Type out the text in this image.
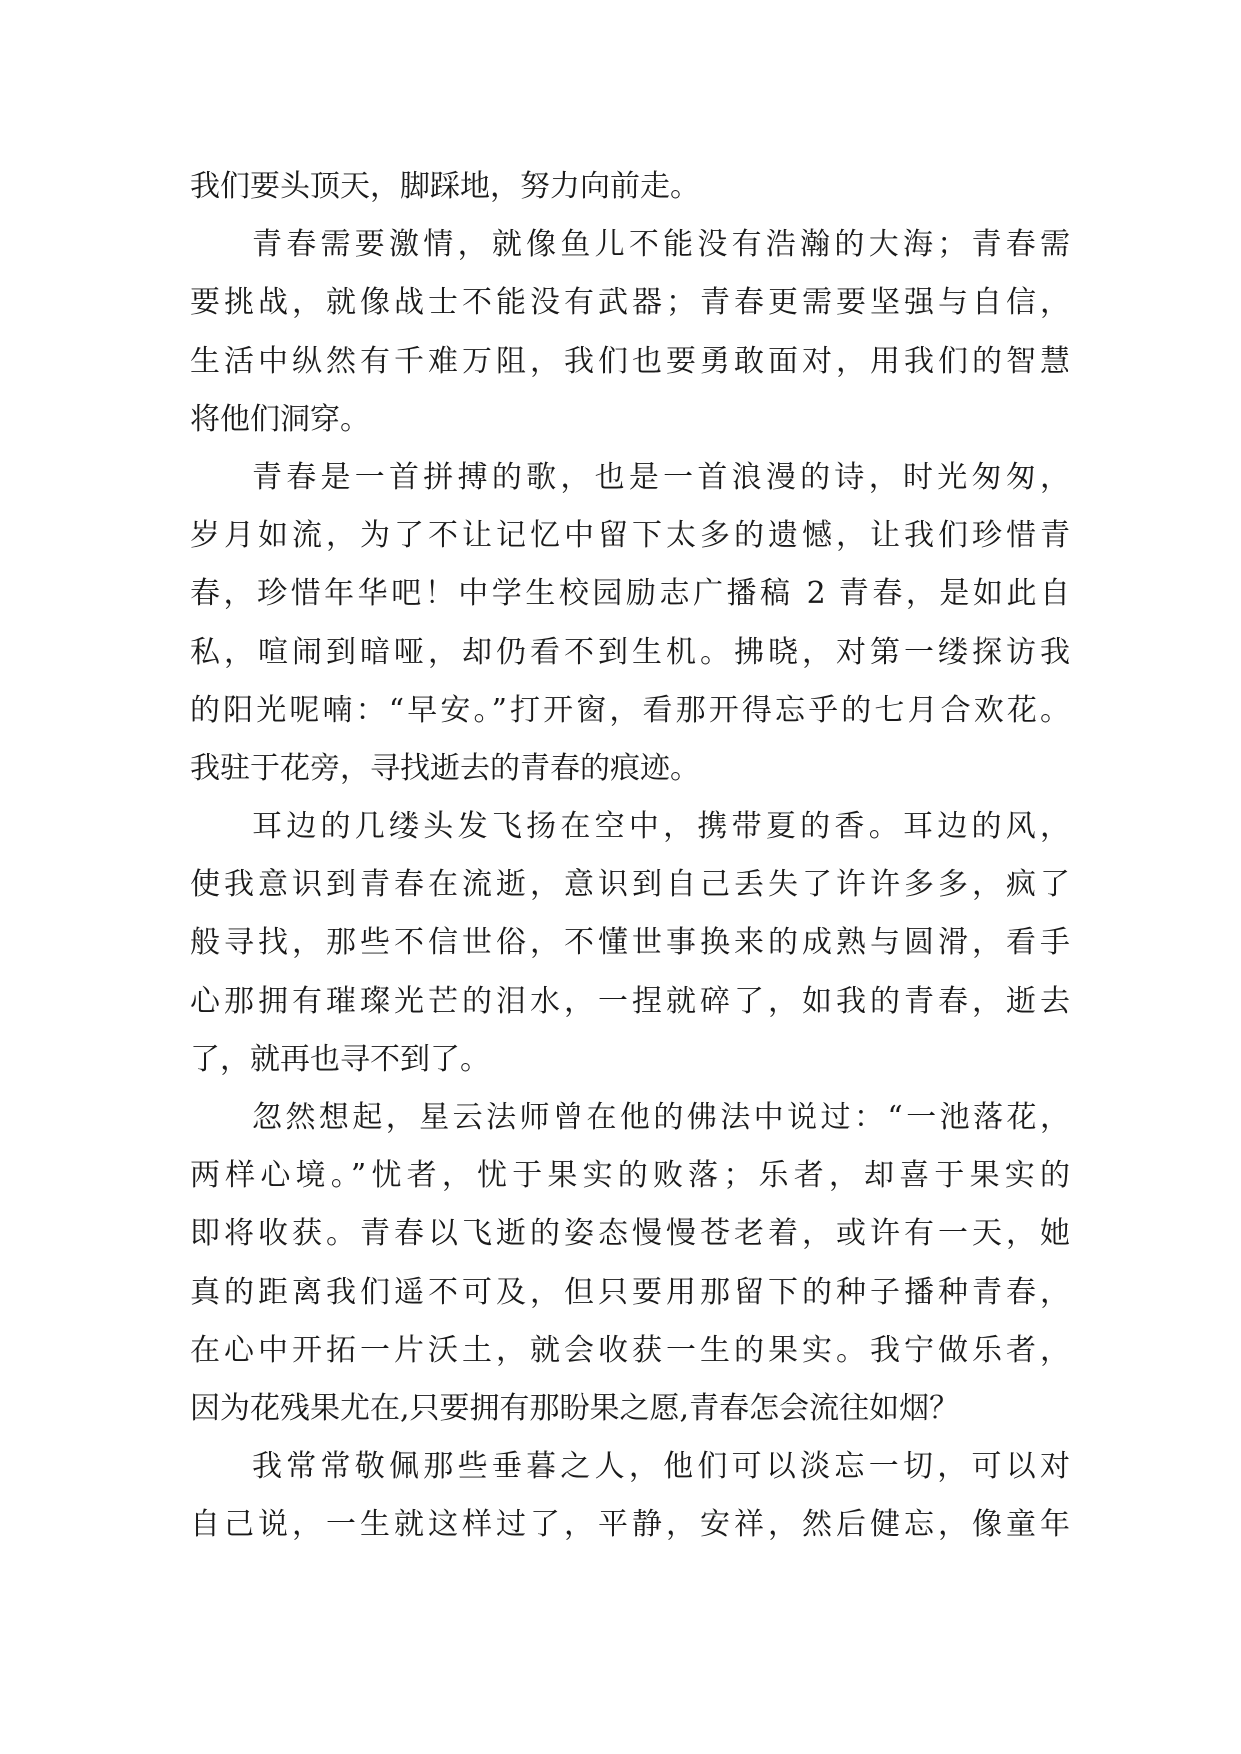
我们要头顶天，脚踩地，努力向前走。
青春需要激情，就像鱼儿不能没有浩瀚的大海；青春需
要挑战，就像战士不能没有武器；青春更需要坚强与自信，
生活中纵然有千难万阻，我们也要勇敢面对，用我们的智慧
将他们洞穿。
青春是一首拼搏的歌，也是一首浪漫的诗，时光匆匆，
岁月如流，为了不让记忆中留下太多的遗憾，让我们珍惜青
春，珍惜年华吧！中学生校园励志广播稿 2 青春，是如此自
私，喧闹到暗哑，却仍看不到生机。拂晓，对第一缕探访我
的阳光呢喃：“早安。”打开窗，看那开得忘乎的七月合欢花。
我驻于花旁，寻找逝去的青春的痕迹。
耳边的几缕头发飞扬在空中，携带夏的香。耳边的风，
使我意识到青春在流逝，意识到自己丢失了许许多多，疯了
般寻找，那些不信世俗，不懂世事换来的成熟与圆滑，看手
心那拥有璀璨光芒的泪水，一捏就碎了，如我的青春，逝去
了，就再也寻不到了。
忽然想起，星云法师曾在他的佛法中说过：“一池落花，
两样心境。”忧者，忧于果实的败落；乐者，却喜于果实的
即将收获。青春以飞逝的姿态慢慢苍老着，或许有一天，她
真的距离我们遥不可及，但只要用那留下的种子播种青春，
在心中开拓一片沃土，就会收获一生的果实。我宁做乐者，
因为花残果尤在,只要拥有那盼果之愿,青春怎会流往如烟？
我常常敬佩那些垂暮之人，他们可以淡忘一切，可以对
自己说，一生就这样过了，平静，安祥，然后健忘，像童年
